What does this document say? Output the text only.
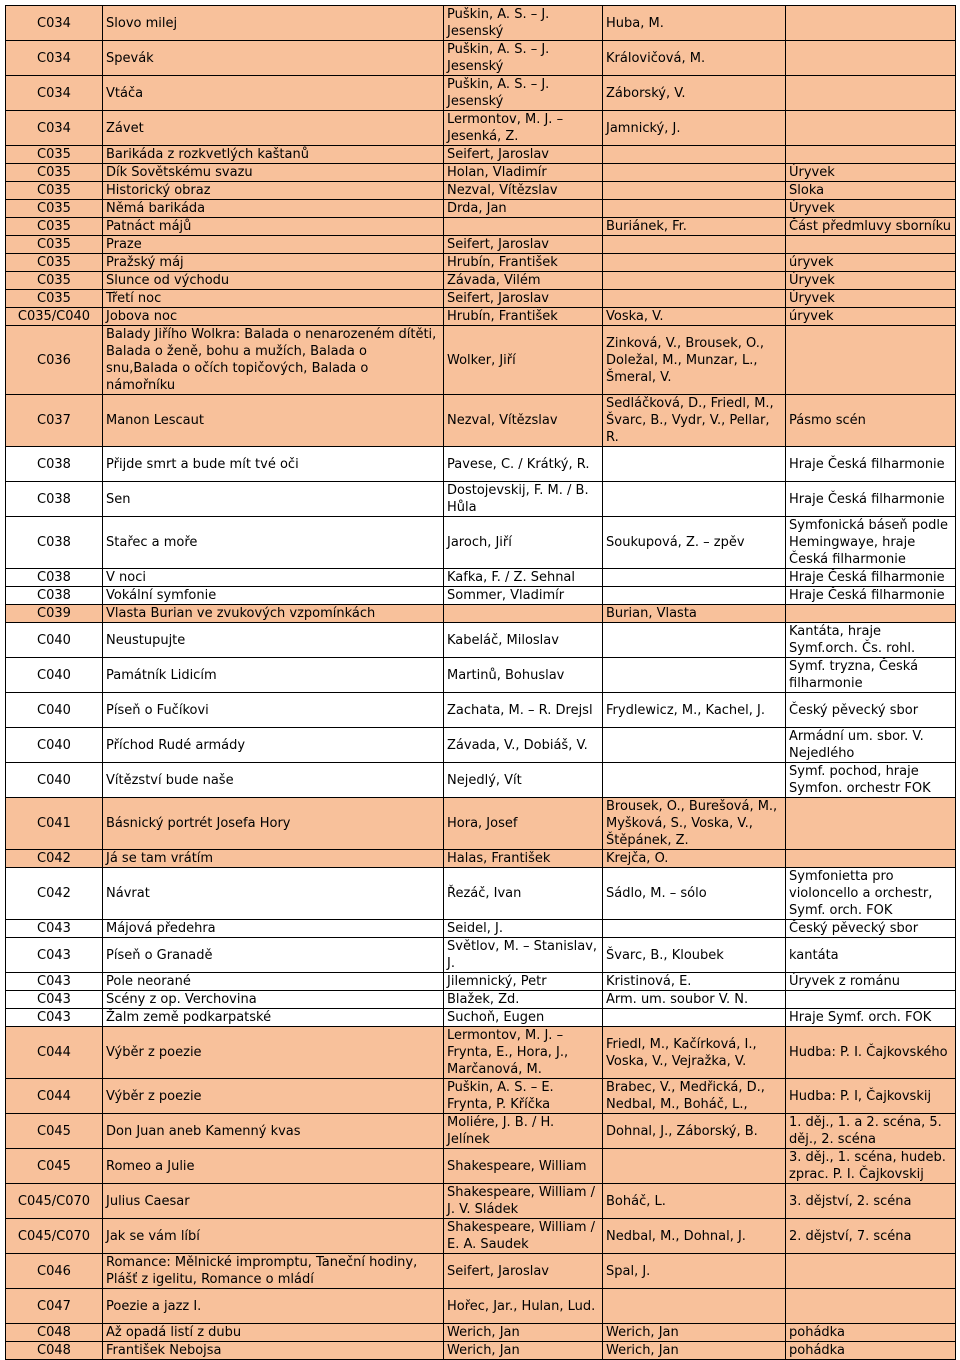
C034	Slovo milej	Puškin, A. S. – J. Jesenský	Huba, M.	
C034	Spevák	Puškin, A. S. – J. Jesenský	Královičová, M.	
C034	Vtáča	Puškin, A. S. – J. Jesenský	Záborský, V.	
C034	Závet	Lermontov, M. J. – Jesenká, Z.	Jamnický, J.	
C035	Barikáda z rozkvetlých kaštanů	Seifert, Jaroslav		
C035	Dík Sovětskému svazu	Holan, Vladimír		Úryvek
C035	Historický obraz	Nezval, Vítězslav		Sloka
C035	Němá barikáda	Drda, Jan		Úryvek
C035	Patnáct májů		Buriánek, Fr.	Část předmluvy sborníku
C035	Praze	Seifert, Jaroslav		
C035	Pražský máj	Hrubín, František		úryvek
C035	Slunce od východu	Závada, Vilém		Úryvek
C035	Třetí noc	Seifert, Jaroslav		Úryvek
C035/C040	Jobova noc	Hrubín, František	Voska, V.	úryvek
C036	Balady Jiřího Wolkra: Balada o nenarozeném dítěti, Balada o ženě, bohu a mužích, Balada o snu,Balada o očích topičových, Balada o námořníku	Wolker, Jiří	Zinková, V., Brousek, O., Doležal, M., Munzar, L., Šmeral, V.	
C037	Manon Lescaut	Nezval, Vítězslav	Sedláčková, D., Friedl, M., Švarc, B., Vydr, V., Pellar, R.	Pásmo scén
C038	Přijde smrt a bude mít tvé oči	Pavese, C. / Krátký, R.		Hraje Česká filharmonie
C038	Sen	Dostojevskij, F. M. / B. Hůla		Hraje Česká filharmonie
C038	Stařec a moře	Jaroch, Jiří	Soukupová, Z. – zpěv	Symfonická báseň podle Hemingwaye, hraje Česká filharmonie
C038	V noci	Kafka, F. / Z. Sehnal		Hraje Česká filharmonie
C038	Vokální symfonie	Sommer, Vladimír		Hraje Česká filharmonie
C039	Vlasta Burian ve zvukových vzpomínkách		Burian, Vlasta	
C040	Neustupujte	Kabeláč, Miloslav		Kantáta, hraje Symf.orch. Čs. rohl.
C040	Památník Lidicím	Martinů, Bohuslav		Symf. tryzna, Česká filharmonie
C040	Píseň o Fučíkovi	Zachata, M. – R. Drejsl	Frydlewicz, M., Kachel, J.	Český pěvecký sbor
C040	Příchod Rudé armády	Závada, V., Dobiáš, V.		Armádní um. sbor. V. Nejedlého
C040	Vítězství bude naše	Nejedlý, Vít		Symf. pochod, hraje Symfon. orchestr FOK
C041	Básnický portrét Josefa Hory	Hora, Josef	Brousek, O., Burešová, M., Myšková, S., Voska, V., Štěpánek, Z.	
C042	Já se tam vrátím	Halas, František	Krejča, O.	
C042	Návrat	Řezáč, Ivan	Sádlo, M. – sólo	Symfonietta pro violoncello a orchestr, Symf. orch. FOK
C043	Májová předehra	Seidel, J.		Český pěvecký sbor
C043	Píseň o Granadě	Světlov, M. – Stanislav, J.	Švarc, B., Kloubek	kantáta
C043	Pole neorané	Jilemnický, Petr	Kristinová, E.	Úryvek z románu
C043	Scény z op. Verchovina	Blažek, Zd.	Arm. um. soubor V. N.	
C043	Žalm země podkarpatské	Suchoň, Eugen		Hraje Symf. orch. FOK
C044	Výběr z poezie	Lermontov, M. J. – Frynta, E., Hora, J., Marčanová, M.	Friedl, M., Kačírková, I., Voska, V., Vejražka, V.	Hudba: P. I. Čajkovského
C044	Výběr z poezie	Puškin, A. S. – E. Frynta, P. Kříčka	Brabec, V., Medřická, D., Nedbal, M., Boháč, L.,	Hudba: P. I, Čajkovskij
C045	Don Juan aneb Kamenný kvas	Moliére, J. B. / H. Jelínek	Dohnal, J., Záborský, B.	1. děj., 1. a 2. scéna, 5. děj., 2. scéna
C045	Romeo a Julie	Shakespeare, William		3. děj., 1. scéna, hudeb. zprac. P. I. Čajkovskij
C045/C070	Julius Caesar	Shakespeare, William / J. V. Sládek	Boháč, L.	3. dějství, 2. scéna
C045/C070	Jak se vám líbí	Shakespeare, William / E. A. Saudek	Nedbal, M., Dohnal, J.	2. dějství, 7. scéna
C046	Romance: Mělnické impromptu, Taneční hodiny, Plášť z igelitu, Romance o mládí	Seifert, Jaroslav	Spal, J.	
C047	Poezie a jazz I.	Hořec, Jar., Hulan, Lud.		
C048	Až opadá listí z dubu	Werich, Jan	Werich, Jan	pohádka
C048	František Nebojsa	Werich, Jan	Werich, Jan	pohádka
